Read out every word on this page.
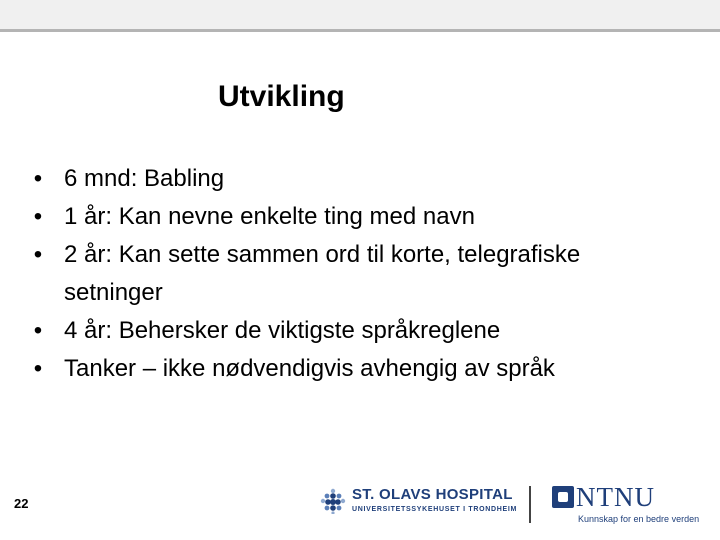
Utvikling
• 6 mnd: Babling
• 1 år: Kan nevne enkelte ting med navn
• 2 år: Kan sette sammen ord til korte, telegrafiske setninger
• 4 år: Behersker de viktigste språkreglene
• Tanker – ikke nødvendigvis avhengig av språk
22
ST. OLAVS HOSPITAL
UNIVERSITETSSYKEHUSET I TRONDHEIM NTNU
Kunnskap for en bedre verden
